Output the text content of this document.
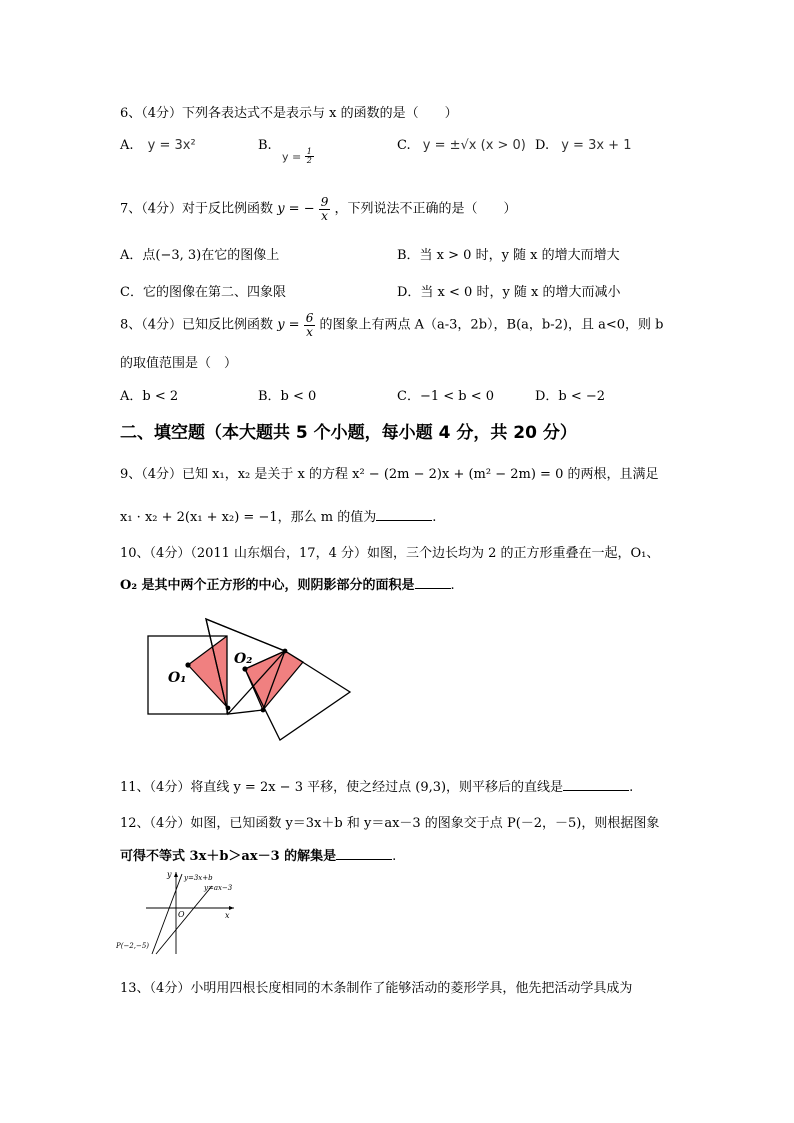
6、（4分）下列各表达式不是表示与 x 的函数的是（　　）
A. y = 3x²	B.
$y = \frac{1}{2}$
C. y = ±√x (x > 0) D. y = 3x + 1
7、（4分）对于反比例函数 y = − $\frac{9}{x}$ ，下列说法不正确的是（　　）
A．点(−3, 3)在它的图像上	B．当 x > 0 时，y 随 x 的增大而增大
C．它的图像在第二、四象限	D．当 x < 0 时，y 随 x 的增大而减小
8、（4分）已知反比例函数 $y = \frac{6}{x}$ 的图象上有两点 A（a-3，2b），B(a，b-2)，且 a<0，则 b
的取值范围是（　）
A．b < 2	B．b < 0	C．−1 < b < 0	D．b < −2
二、填空题（本大题共 5 个小题，每小题 4 分，共 20 分）
9、（4分）已知 x₁，x₂ 是关于 x 的方程 x² − (2m − 2)x + (m² − 2m) = 0 的两根，且满足
x₁ · x₂ + 2(x₁ + x₂) = −1，那么 m 的值为	.
10、（4分）（2011 山东烟台，17，4 分）如图，三个边长均为 2 的正方形重叠在一起，O₁、
O₂ 是其中两个正方形的中心，则阴影部分的面积是	.
O₁
O₂
11、（4分）将直线 y = 2x − 3 平移，使之经过点 (9,3)，则平移后的直线是	.
12、（4分）如图，已知函数 y＝3x＋b 和 y＝ax－3 的图象交于点 P(－2，－5)，则根据图象
可得不等式 3x＋b＞ax－3 的解集是	.
y
x
O
y=3x+b
y=ax−3
P(−2,−5)
13、（4分）小明用四根长度相同的木条制作了能够活动的菱形学具，他先把活动学具成为
